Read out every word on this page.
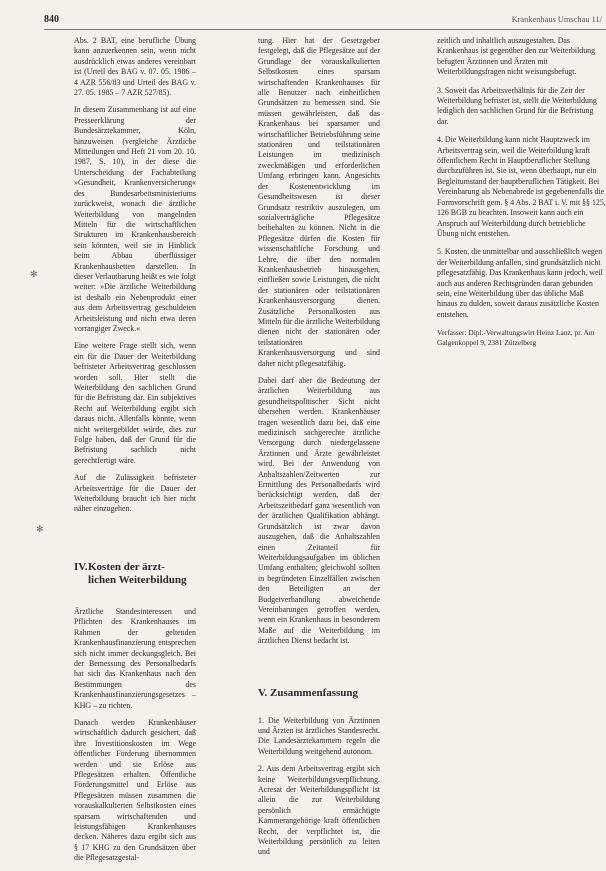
840	Krankenhaus Umschau 11/
✻
✻

Abs. 2 BAT, eine berufliche Übung kann anzuerkennen sein, wenn nicht ausdrücklich etwas anderes vereinbart ist (Urteil des BAG v. 07. 05. 1986 – 4 AZR 556/83 und Urteil des BAG v. 27. 05. 1985 – 7 AZR 527/85).

In diesem Zusammenhang ist auf eine Presseerklärung der Bundesärztekammer, Köln, hinzuweisen (vergleiche Ärztliche Mitteilungen und Heft 21 vom 20. 10. 1987, S. 10), in der diese die Unterscheidung der Fachabteilung »Gesundheit, Krankenversicherung« des Bundesarbeitsministeriums zurückweist, wonach die ärztliche Weiterbildung von mangelnden Mitteln für die wirtschaftlichen Strukturen im Krankenhausbereich sein könnten, weil sie in Hinblick beim Abbau überflüssiger Krankenhausbetten darstellen. In dieser Verlautbarung heißt es wie folgt weiter: »Die ärztliche Weiterbildung ist deshalb ein Nebenprodukt einer aus dem Arbeitsvertrag geschuldeten Arbeitsleistung und nicht etwa deren vorrangiger Zweck.«

Eine weitere Frage stellt sich, wenn ein für die Dauer der Weiterbildung befristeter Arbeitsvertrag geschlossen worden soll. Hier stellt die Weiterbildung den sachlichen Grund für die Befristung dar. Ein subjektives Recht auf Weiterbildung ergibt sich daraus nicht. Allenfalls könnte, wenn nicht weitergebildet würde, dies zur Folge haben, daß der Grund für die Befristung sachlich nicht gerechtfertigt wäre.

Auf die Zulässigkeit befristeter Arbeitsverträge für die Dauer der Weiterbildung braucht ich hier nicht näher einzugehen.

IV.Kosten der ärzt-
lichen Weiterbildung

Ärztliche Standesinteressen und Pflichten des Krankenhauses im Rahmen der geltenden Krankenhausfinanzierung entsprechen sich nicht immer deckungsgleich. Bei der Bemessung des Personalbedarfs hat sich das Krankenhaus nach den Bestimmungen des Krankenhausfinanzierungsgesetzes – KHG – zu richten.

Danach werden Krankenhäuser wirtschaftlich dadurch gesichert, daß ihre Investitionskosten im Wege öffentlicher Förderung übernommen werden und sie Erlöse aus Pflegesätzen erhalten. Öffentliche Förderungsmittel und Erlöse aus Pflegesätzen müssen zusammen die vorauskalkulierten Selbstkosten eines sparsam wirtschaftenden und leistungsfähigen Krankenhauses decken. Näheres dazu ergibt sich aus § 17 KHG zu den Grundsätzen über die Pflegesatzgestal-

tung. Hier hat der Gesetzgeber festgelegt, daß die Pflegesätze auf der Grundlage der vorauskalkulierten Selbstkosten eines sparsam wirtschaftenden Krankenhauses für alle Benutzer nach einheitlichen Grundsätzen zu bemessen sind. Sie müssen gewährleisten, daß das Krankenhaus bei sparsamer und wirtschaftlicher Betriebsführung seine stationären und teilstationären Leistungen im medizinisch zweckmäßigen und erforderlichen Umfang erbringen kann. Angesichts der Kostenentwicklung im Gesundheitswesen ist dieser Grundsatz restriktiv auszulegen, um sozialverträgliche Pflegesätze beibehalten zu können. Nicht in die Pflegesätze dürfen die Kosten für wissenschaftliche Forschung und Lehre, die über den normalen Krankenhausbetrieb hinausgehen, einfließen sowie Leistungen, die nicht der stationären oder teilstationären Krankenhausversorgung dienen. Zusätzliche Personalkosten aus Mitteln für die ärztliche Weiterbildung dienen nicht der stationären oder teilstationären Krankenhausversorgung und sind daher nicht pflegesatzfähig.

Dabei darf aber die Bedeutung der ärztlichen Weiterbildung aus gesundheitspolitischer Sicht nicht übersehen werden. Krankenhäuser tragen wesentlich dazu bei, daß eine medizinisch sachgerechte ärztliche Versorgung durch niedergelassene Ärztinnen und Ärzte gewährleistet wird. Bei der Anwendung von Anhaltszahlen/Zeitwerten zur Ermittlung des Personalbedarfs wird berücksichtigt werden, daß der Arbeitszeitbedarf ganz wesentlich von der ärztlichen Qualifikation abhängt. Grundsätzlich ist zwar davon auszugehen, daß die Anhaltszahlen einen Zeitanteil für Weiterbildungsaufgaben im üblichen Umfang enthalten; gleichwohl sollten in begründeten Einzelfällen zwischen den Beteiligten an der Budgetverhandlung abweichende Vereinbarungen getroffen werden, wenn ein Krankenhaus in besonderem Maße auf die Weiterbildung im ärztlichen Dienst bedacht ist.

V. Zusammenfassung

1. Die Weiterbildung von Ärztinnen und Ärzten ist ärztliches Standesrecht. Die Landesärztekammern regeln die Weiterbildung weitgehend autonom.

2. Aus dem Arbeitsvertrag ergibt sich keine Weiterbildungsverpflichtung. Acresat der Weiterbildungspflicht ist allein die zur Weiterbildung persönlich ermächtigte Kammerangehörige kraft öffentlichen Recht, der verpflichtet ist, die Weiterbildung persönlich zu leiten und

zeitlich und inhaltlich auszugestalten. Das Krankenhaus ist gegenüber den zur Weiterbildung befugten Ärztinnen und Ärzten mit Weiterbildungsfragen nicht weisungsbefugt.

3. Soweit das Arbeitsverhältnis für die Zeit der Weiterbildung befristet ist, stellt die Weiterbildung lediglich den sachlichen Grund für die Befristung dar.

4. Die Weiterbildung kann nicht Hauptzweck im Arbeitsvertrag sein, weil die Weiterbildung kraft öffentlichem Recht in Hauptberuflicher Stellung durchzuführen ist. Sie ist, wenn überhaupt, nur ein Begleitumstand der hauptberuflichen Tätigkeit. Bei Vereinbarung als Nebenabrede ist gegebenenfalls die Formvorschrift gem. § 4 Abs. 2 BAT i. V. mit §§ 125, 126 BGB zu beachten. Insoweit kann auch ein Anspruch auf Weiterbildung durch betriebliche Übung nicht entstehen.

5. Kosten, die unmittelbar und ausschließlich wegen der Weiterbildung anfallen, sind grundsätzlich nicht pflegesatzfähig. Das Krankenhaus kann jedoch, weil auch aus anderen Rechtsgründen daran gebunden sein, eine Weiterbildung über das übliche Maß hinaus zu dulden, soweit daraus zusätzliche Kosten entstehen.

Verfasser: Dipl.-Verwaltungswirt Heinz Lanz, pr. Am Galgenkoppel 9, 2381 Zützelberg
